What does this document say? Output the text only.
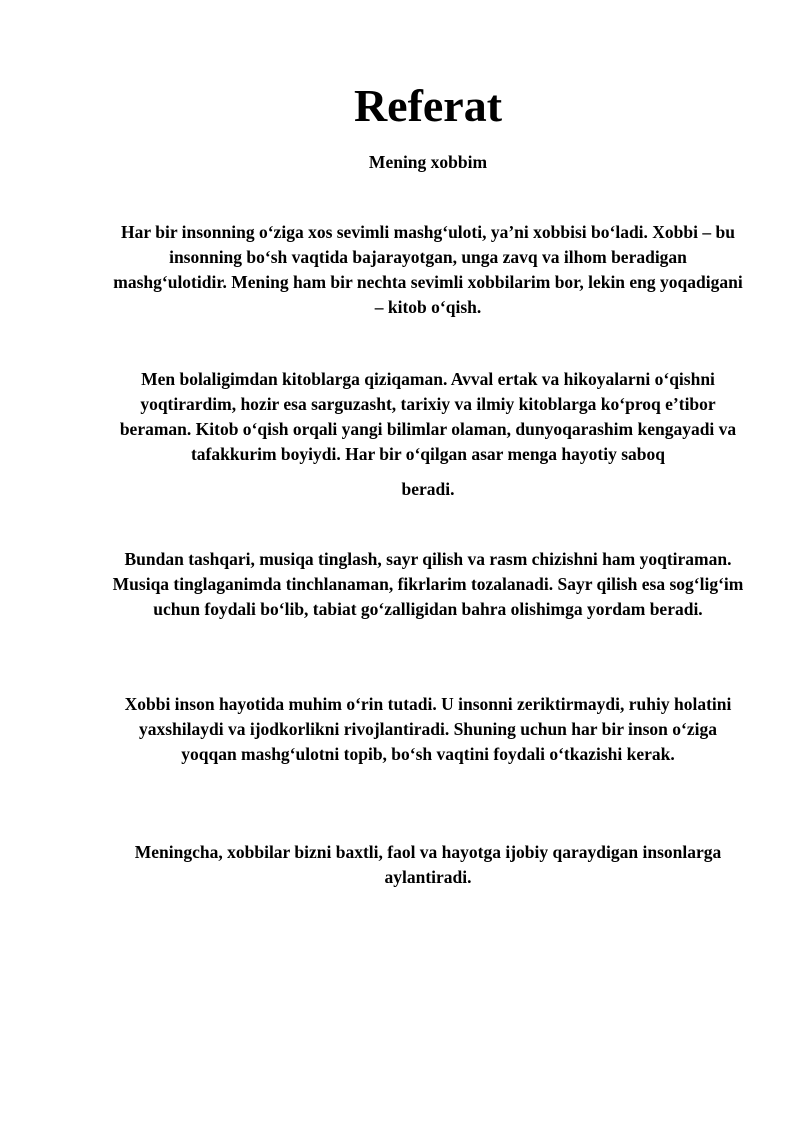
Referat
Mening xobbim

Har bir insonning o‘ziga xos sevimli mashg‘uloti, ya’ni xobbisi bo‘ladi. Xobbi – bu insonning bo‘sh vaqtida bajarayotgan, unga zavq va ilhom beradigan mashg‘ulotidir. Mening ham bir nechta sevimli xobbilarim bor, lekin eng yoqadigani – kitob o‘qish.

Men bolaligimdan kitoblarga qiziqaman. Avval ertak va hikoyalarni o‘qishni yoqtirardim, hozir esa sarguzasht, tarixiy va ilmiy kitoblarga ko‘proq e’tibor beraman. Kitob o‘qish orqali yangi bilimlar olaman, dunyoqarashim kengayadi va tafakkurim boyiydi. Har bir o‘qilgan asar menga hayotiy saboq

beradi.

Bundan tashqari, musiqa tinglash, sayr qilish va rasm chizishni ham yoqtiraman. Musiqa tinglaganimda tinchlanaman, fikrlarim tozalanadi. Sayr qilish esa sog‘lig‘im uchun foydali bo‘lib, tabiat go‘zalligidan bahra olishimga yordam beradi.

Xobbi inson hayotida muhim o‘rin tutadi. U insonni zeriktirmaydi, ruhiy holatini yaxshilaydi va ijodkorlikni rivojlantiradi. Shuning uchun har bir inson o‘ziga yoqqan mashg‘ulotni topib, bo‘sh vaqtini foydali o‘tkazishi kerak.

Meningcha, xobbilar bizni baxtli, faol va hayotga ijobiy qaraydigan insonlarga aylantiradi.
